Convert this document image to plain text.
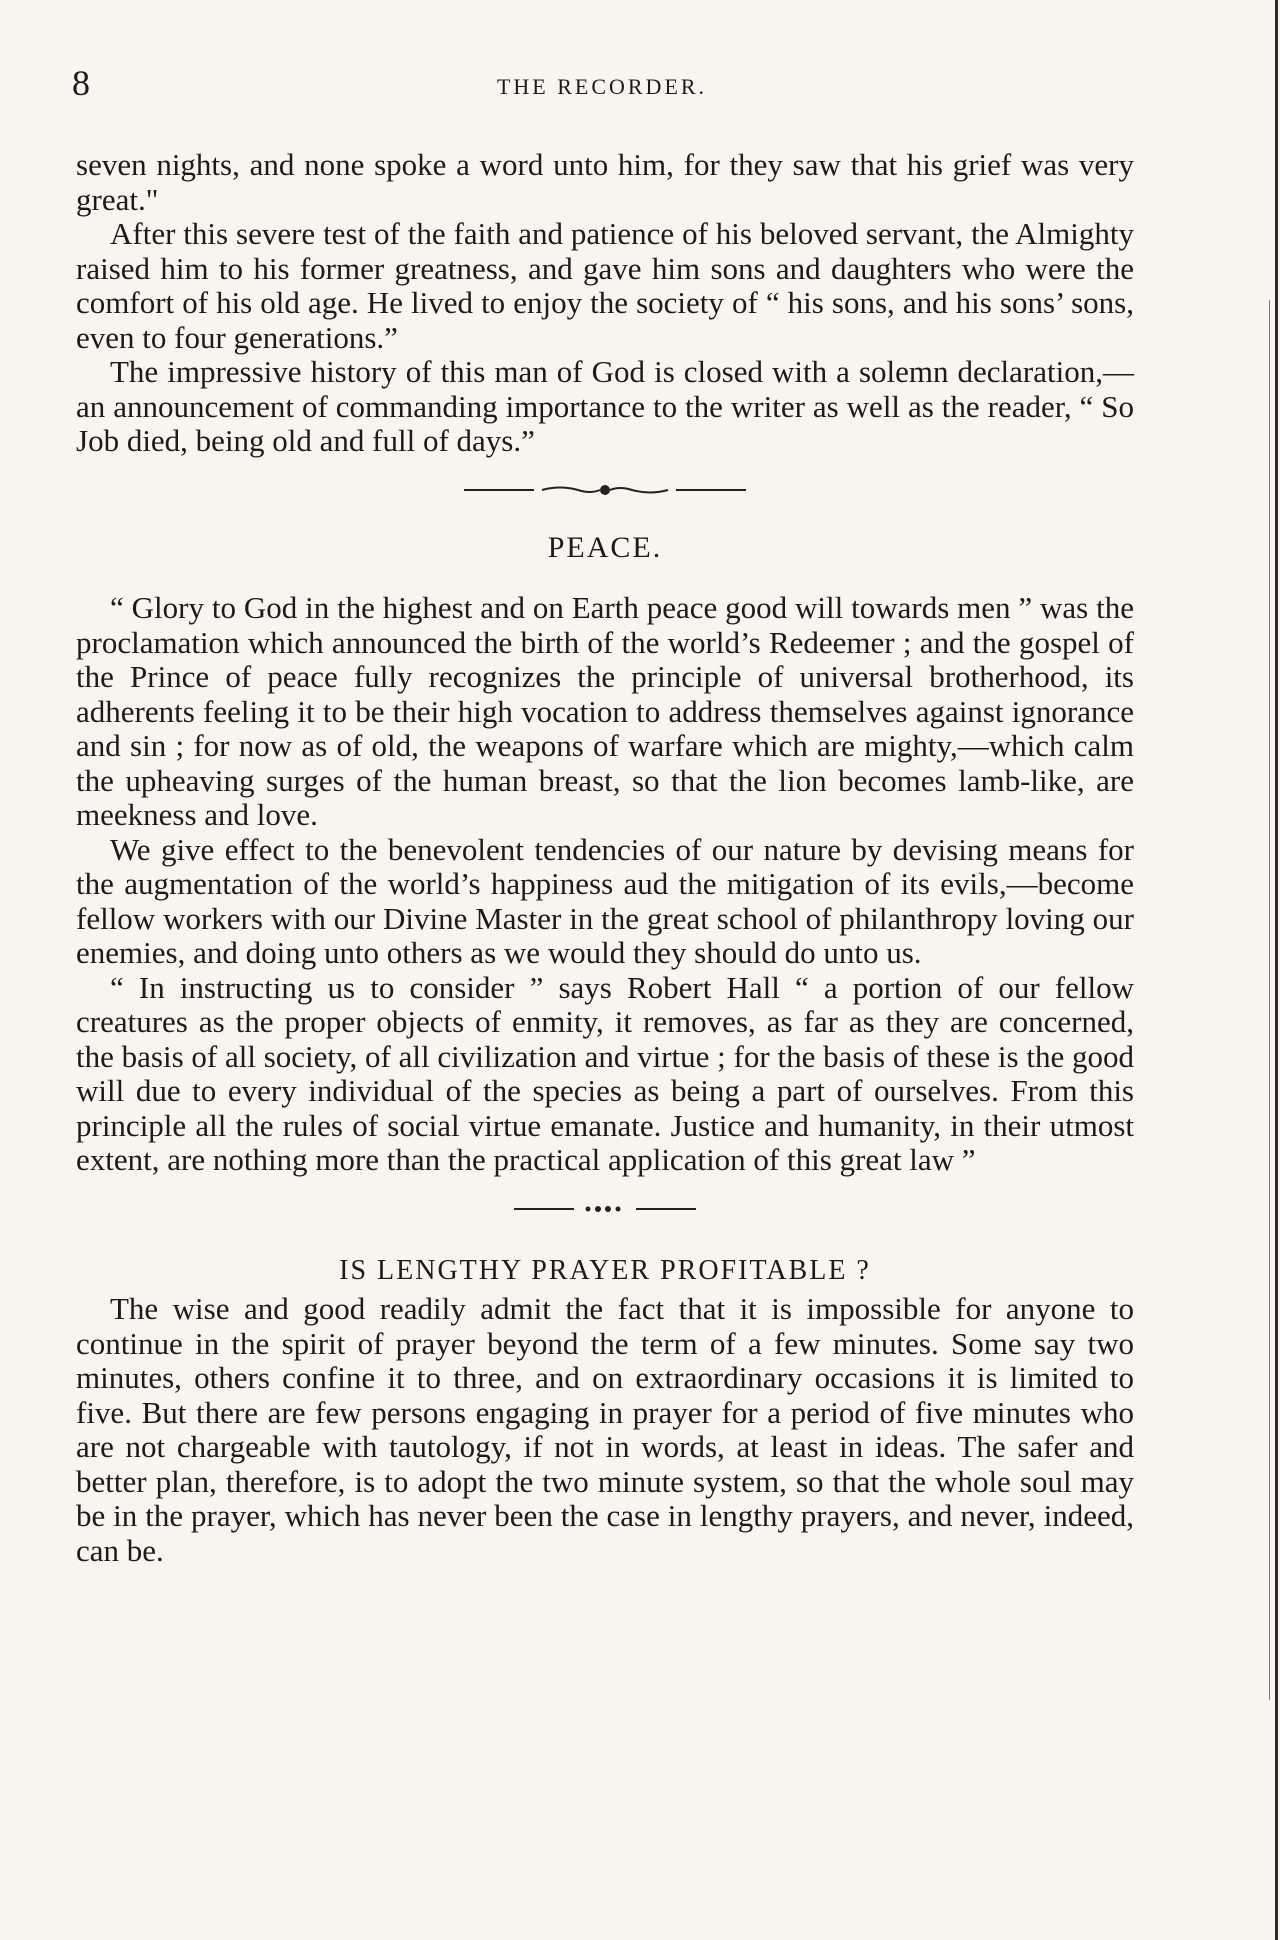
8	THE RECORDER.

seven nights, and none spoke a word unto him, for they saw that his grief was very great."

After this severe test of the faith and patience of his beloved servant, the Almighty raised him to his former greatness, and gave him sons and daughters who were the comfort of his old age. He lived to enjoy the society of “ his sons, and his sons’ sons, even to four generations.”

The impressive history of this man of God is closed with a solemn declaration,—an announcement of commanding importance to the writer as well as the reader, “ So Job died, being old and full of days.”

PEACE.

“ Glory to God in the highest and on Earth peace good will towards men ” was the proclamation which announced the birth of the world’s Redeemer ; and the gospel of the Prince of peace fully recognizes the principle of universal brotherhood, its adherents feeling it to be their high vocation to address themselves against ignorance and sin ; for now as of old, the weapons of warfare which are mighty,—which calm the upheaving surges of the human breast, so that the lion becomes lamb-like, are meekness and love.

We give effect to the benevolent tendencies of our nature by devising means for the augmentation of the world’s happiness aud the mitigation of its evils,—become fellow workers with our Divine Master in the great school of philanthropy loving our enemies, and doing unto others as we would they should do unto us.

“ In instructing us to consider ” says Robert Hall “ a portion of our fellow creatures as the proper objects of enmity, it removes, as far as they are concerned, the basis of all society, of all civilization and virtue ; for the basis of these is the good will due to every individual of the species as being a part of ourselves. From this principle all the rules of social virtue emanate. Justice and humanity, in their utmost extent, are nothing more than the practical application of this great law ”

IS LENGTHY PRAYER PROFITABLE ?

The wise and good readily admit the fact that it is impossible for anyone to continue in the spirit of prayer beyond the term of a few minutes. Some say two minutes, others confine it to three, and on extraordinary occasions it is limited to five. But there are few persons engaging in prayer for a period of five minutes who are not chargeable with tautology, if not in words, at least in ideas. The safer and better plan, therefore, is to adopt the two minute system, so that the whole soul may be in the prayer, which has never been the case in lengthy prayers, and never, indeed, can be.
